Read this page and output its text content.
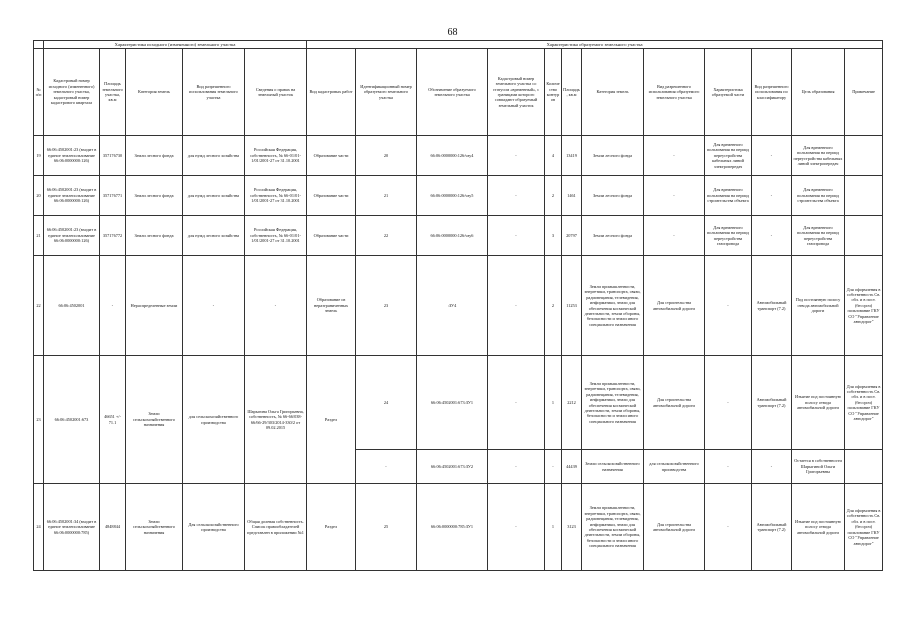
68
	Характеристика исходного (измененного) земельного участка					Характеристика образуемого земельного участка											
№ п/п	Кадастровый номер исходного (измененного) земельного участка, кадастровый номер кадастрового квартала	Площадь земельного участка, кв.м	Категория земель	Вид разрешенного использования земельного участка	Сведения о правах на земельный участок	Вид кадастровых работ	Идентификационный номер образуемого земельного участка	Обозначение образуемого земельного участка	Кадастровый номер земельного участка со статусом «временный», с границами которого совпадают образуемый земельный участок	Количество контуров	Площадь, кв.м	Категория земель	Вид разрешенного использования образуемого земельного участка	Характеристика образуемой части	Вид разрешенного использования по классификатору	Цель образования	Примечание
19	66:06:4502001:23 (входит в единое землепользование 66:06:0000000:126)	357176730	Земли лесного фонда	для нужд лесного хозяйства	Российская Федерация, собственность, № 66-01/01-1/01/2001-27 от 31.10.2001	Образование части	20	66:06:0000000:126/чзу4	-	4	13419	Земли лесного фонда	-	Для временного пользования на период переустройства кабельных линий электропередач	-	Для временного пользования на период переустройства кабельных линий электропередач	
20	66:06:4502001:23 (входит в единое землепользование 66:06:0000000:126)	357176771	Земли лесного фонда	для нужд лесного хозяйства	Российская Федерация, собственность, № 66-01/01-1/01/2001-27 от 31.10.2001	Образование части	21	66:06:0000000:126/чзу5	-	2	1461	Земли лесного фонда	-	Для временного пользования на период строительства объекта	-	Для временного пользования на период строительства объекта	
21	66:06:4502001:23 (входит в единое землепользование 66:06:0000000:126)	357176772	Земли лесного фонда	для нужд лесного хозяйства	Российская Федерация, собственность, № 66-01/01-1/01/2001-27 от 31.10.2001	Образование части	22	66:06:0000000:126/чзу6	-	3	20797	Земли лесного фонда	-	Для временного пользования на период переустройства газопровода	-	Для временного пользования на период переустройства газопровода	
22	66:06:4502001	-	Нераспределенные земли	-	-	Образование из неразграниченных земель	23	:ЗУ4	-	2	11253	Земли промышленности, энергетики, транспорта, связи, радиовещания, телевидения, информатики, земли для обеспечения космической деятельности, земли обороны, безопасности и земли иного специального назначения	Для строительства автомобильной дороги	-	Автомобильный транспорт (7.2)	Под постоянную полосу отвода автомобильной дороги	Для оформления в собственность Св. обл. и в пост. (бессроч) пользование ГКУ СО "Управление автодорог"
23	66:06:4502001:673	46651 +/- 71.1	Земли сельскохозяйственного назначения	для сельскохозяйственного производства	Шарыгина Ольга Григорьевна, собственность, № 66-66/038-66/66-29/303/2014-330/2 от 09.02.2015	Раздел	24	66:06:4502001:673:ЗУ1	-	1	2212	Земли промышленности, энергетики, транспорта, связи, радиовещания, телевидения, информатики, земли для обеспечения космической деятельности, земли обороны, безопасности и земли иного специального назначения	Для строительства автомобильной дороги	-	Автомобильный транспорт (7.2)	Изъятие под постоянную полосу отвода автомобильной дороги	Для оформления в собственность Св. обл. и в пост. (бессроч) пользование ГКУ СО "Управление автодорог"
							-	66:06:4502001:673:ЗУ2	-	-	44439	Земли сельскохозяйственного назначения	для сельскохозяйственного производства	-	-	Остается в собственности Шарыгиной Ольги Григорьевны	
24	66:06:4502001:34 (входит в единое землепользование 66:06:0000000:785)	4848844	Земли сельскохозяйственного назначения	Для сельскохозяйственного производства	Общая долевая собственность. Список правообладателей представлен в приложении №1	Раздел	25	66:06:0000000:785:ЗУ1	-	1	3123	Земли промышленности, энергетики, транспорта, связи, радиовещания, телевидения, информатики, земли для обеспечения космической деятельности, земли обороны, безопасности и земли иного специального назначения	Для строительства автомобильной дороги	-	Автомобильный транспорт (7.2)	Изъятие под постоянную полосу отвода автомобильной дороги	Для оформления в собственность Св. обл. и в пост. (бессроч) пользование ГКУ СО "Управление автодорог"
